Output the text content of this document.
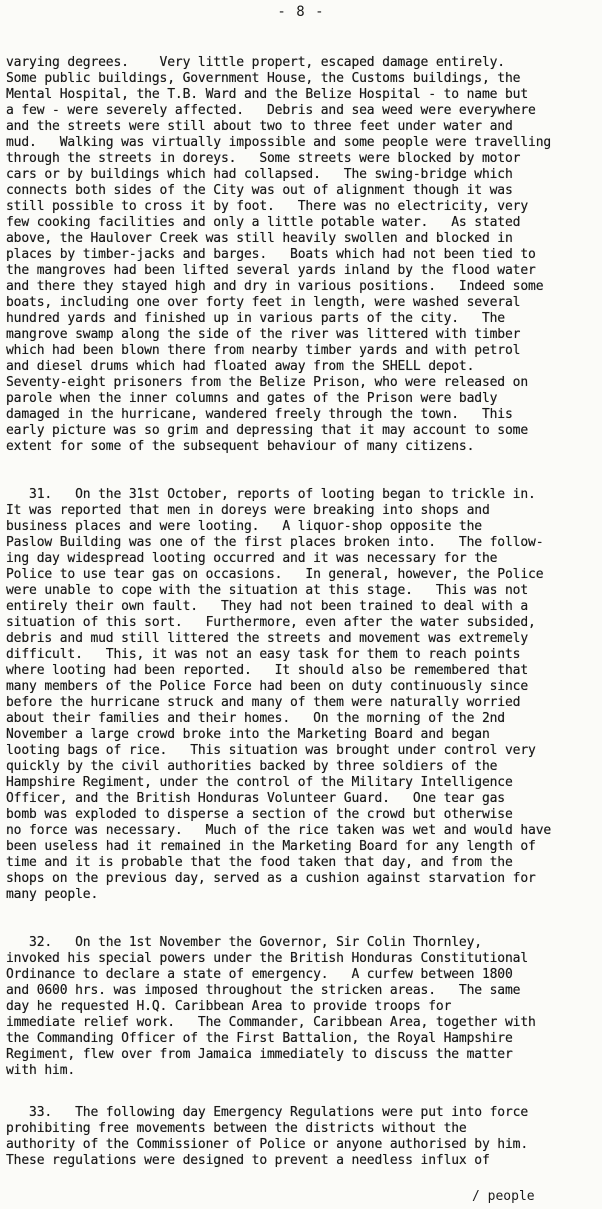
- 8 -
varying degrees.    Very little propert, escaped damage entirely.
Some public buildings, Government House, the Customs buildings, the
Mental Hospital, the T.B. Ward and the Belize Hospital - to name but
a few - were severely affected.   Debris and sea weed were everywhere
and the streets were still about two to three feet under water and
mud.   Walking was virtually impossible and some people were travelling
through the streets in doreys.   Some streets were blocked by motor
cars or by buildings which had collapsed.   The swing-bridge which
connects both sides of the City was out of alignment though it was
still possible to cross it by foot.   There was no electricity, very
few cooking facilities and only a little potable water.   As stated
above, the Haulover Creek was still heavily swollen and blocked in
places by timber-jacks and barges.   Boats which had not been tied to
the mangroves had been lifted several yards inland by the flood water
and there they stayed high and dry in various positions.   Indeed some
boats, including one over forty feet in length, were washed several
hundred yards and finished up in various parts of the city.   The
mangrove swamp along the side of the river was littered with timber
which had been blown there from nearby timber yards and with petrol
and diesel drums which had floated away from the SHELL depot.
Seventy-eight prisoners from the Belize Prison, who were released on
parole when the inner columns and gates of the Prison were badly
damaged in the hurricane, wandered freely through the town.   This
early picture was so grim and depressing that it may account to some
extent for some of the subsequent behaviour of many citizens.
31.   On the 31st October, reports of looting began to trickle in.
It was reported that men in doreys were breaking into shops and
business places and were looting.   A liquor-shop opposite the
Paslow Building was one of the first places broken into.   The follow-
ing day widespread looting occurred and it was necessary for the
Police to use tear gas on occasions.   In general, however, the Police
were unable to cope with the situation at this stage.   This was not
entirely their own fault.   They had not been trained to deal with a
situation of this sort.   Furthermore, even after the water subsided,
debris and mud still littered the streets and movement was extremely
difficult.   This, it was not an easy task for them to reach points
where looting had been reported.   It should also be remembered that
many members of the Police Force had been on duty continuously since
before the hurricane struck and many of them were naturally worried
about their families and their homes.   On the morning of the 2nd
November a large crowd broke into the Marketing Board and began
looting bags of rice.   This situation was brought under control very
quickly by the civil authorities backed by three soldiers of the
Hampshire Regiment, under the control of the Military Intelligence
Officer, and the British Honduras Volunteer Guard.   One tear gas
bomb was exploded to disperse a section of the crowd but otherwise
no force was necessary.   Much of the rice taken was wet and would have
been useless had it remained in the Marketing Board for any length of
time and it is probable that the food taken that day, and from the
shops on the previous day, served as a cushion against starvation for
many people.
32.   On the 1st November the Governor, Sir Colin Thornley,
invoked his special powers under the British Honduras Constitutional
Ordinance to declare a state of emergency.   A curfew between 1800
and 0600 hrs. was imposed throughout the stricken areas.   The same
day he requested H.Q. Caribbean Area to provide troops for
immediate relief work.   The Commander, Caribbean Area, together with
the Commanding Officer of the First Battalion, the Royal Hampshire
Regiment, flew over from Jamaica immediately to discuss the matter
with him.
33.   The following day Emergency Regulations were put into force
prohibiting free movements between the districts without the
authority of the Commissioner of Police or anyone authorised by him.
These regulations were designed to prevent a needless influx of
/ people
